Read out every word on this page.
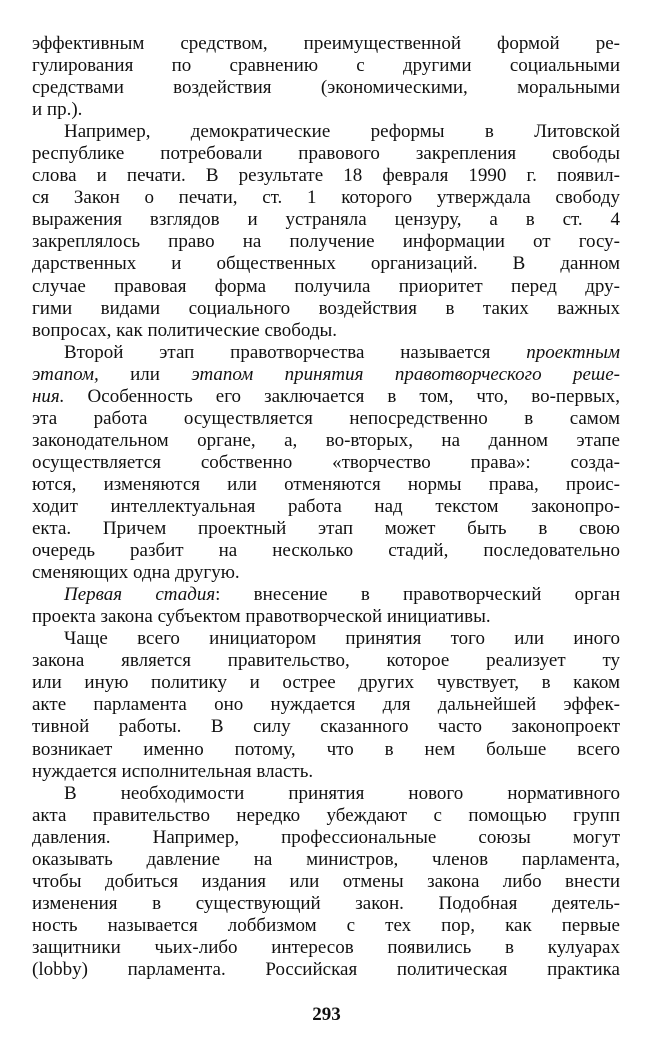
эффективным средством, преимущественной формой ре-
гулирования по сравнению с другими социальными
средствами воздействия (экономическими, моральными
и пр.).
Например, демократические реформы в Литовской
республике потребовали правового закрепления свободы
слова и печати. В результате 18 февраля 1990 г. появил-
ся Закон о печати, ст. 1 которого утверждала свободу
выражения взглядов и устраняла цензуру, а в ст. 4
закреплялось право на получение информации от госу-
дарственных и общественных организаций. В данном
случае правовая форма получила приоритет перед дру-
гими видами социального воздействия в таких важных
вопросах, как политические свободы.
Второй этап правотворчества называется проектным
этапом, или этапом принятия правотворческого реше-
ния. Особенность его заключается в том, что, во-первых,
эта работа осуществляется непосредственно в самом
законодательном органе, а, во-вторых, на данном этапе
осуществляется собственно «творчество права»: созда-
ются, изменяются или отменяются нормы права, проис-
ходит интеллектуальная работа над текстом законопро-
екта. Причем проектный этап может быть в свою
очередь разбит на несколько стадий, последовательно
сменяющих одна другую.
Первая стадия: внесение в правотворческий орган
проекта закона субъектом правотворческой инициативы.
Чаще всего инициатором принятия того или иного
закона является правительство, которое реализует ту
или иную политику и острее других чувствует, в каком
акте парламента оно нуждается для дальнейшей эффек-
тивной работы. В силу сказанного часто законопроект
возникает именно потому, что в нем больше всего
нуждается исполнительная власть.
В необходимости принятия нового нормативного
акта правительство нередко убеждают с помощью групп
давления. Например, профессиональные союзы могут
оказывать давление на министров, членов парламента,
чтобы добиться издания или отмены закона либо внести
изменения в существующий закон. Подобная деятель-
ность называется лоббизмом с тех пор, как первые
защитники чьих-либо интересов появились в кулуарах
(lobby) парламента. Российская политическая практика
293
